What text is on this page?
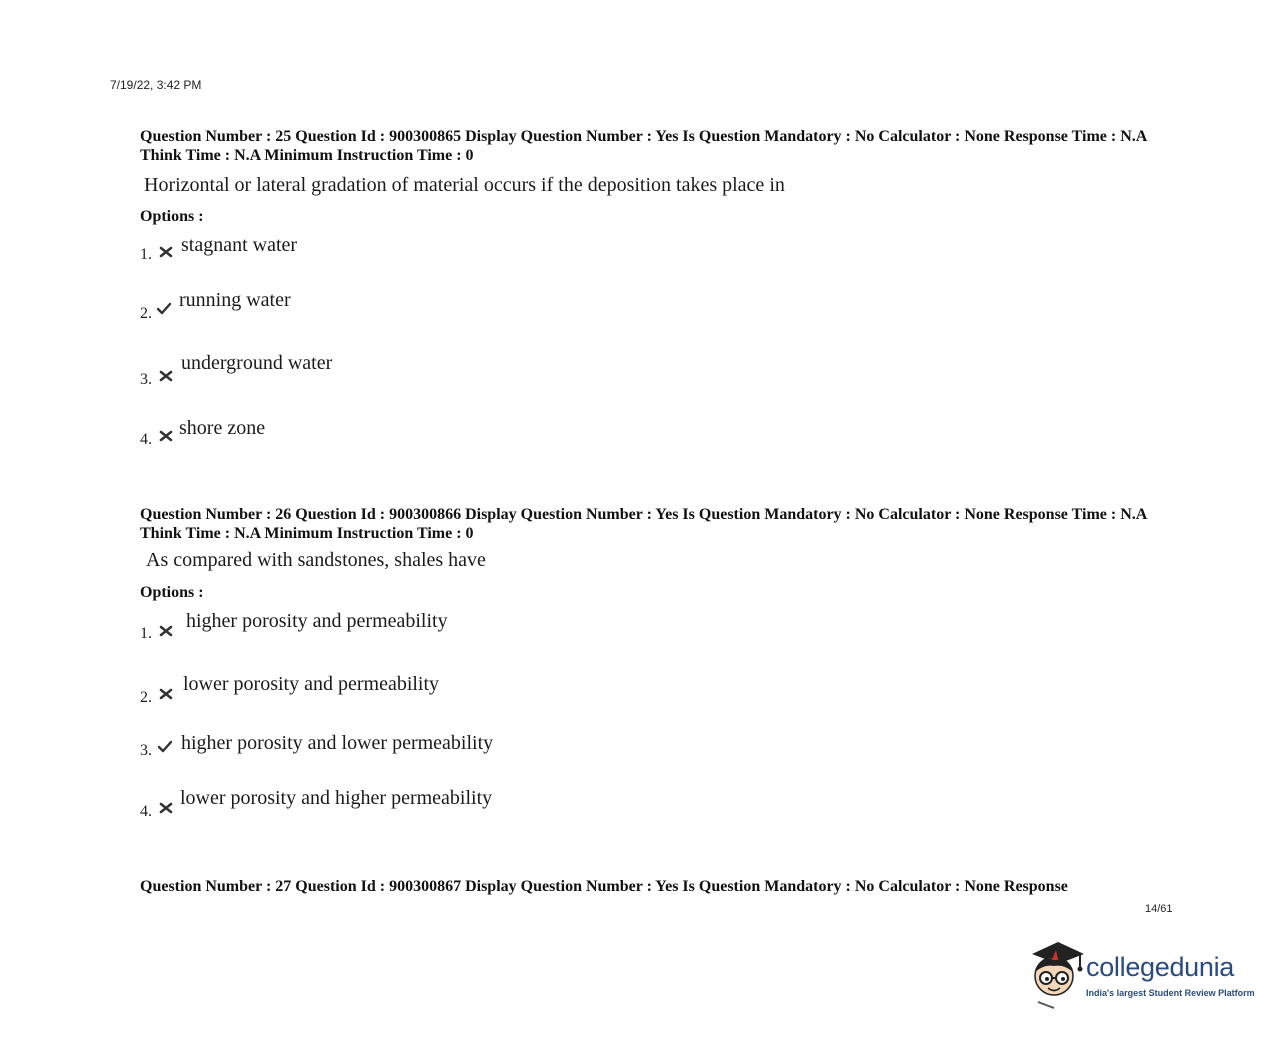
7/19/22, 3:42 PM
Question Number : 25 Question Id : 900300865 Display Question Number : Yes Is Question Mandatory : No Calculator : None Response Time : N.A Think Time : N.A Minimum Instruction Time : 0
Horizontal or lateral gradation of material occurs if the deposition takes place in
Options :
1. stagnant water
2.
running water
3.
underground water
4.
shore zone
Question Number : 26 Question Id : 900300866 Display Question Number : Yes Is Question Mandatory : No Calculator : None Response Time : N.A Think Time : N.A Minimum Instruction Time : 0
As compared with sandstones, shales have
Options :
1.
higher porosity and permeability
2.
lower porosity and permeability
3. higher porosity and lower permeability
4.
lower porosity and higher permeability
Question Number : 27 Question Id : 900300867 Display Question Number : Yes Is Question Mandatory : No Calculator : None Response
14/61
collegedunia
India's largest Student Review Platform
